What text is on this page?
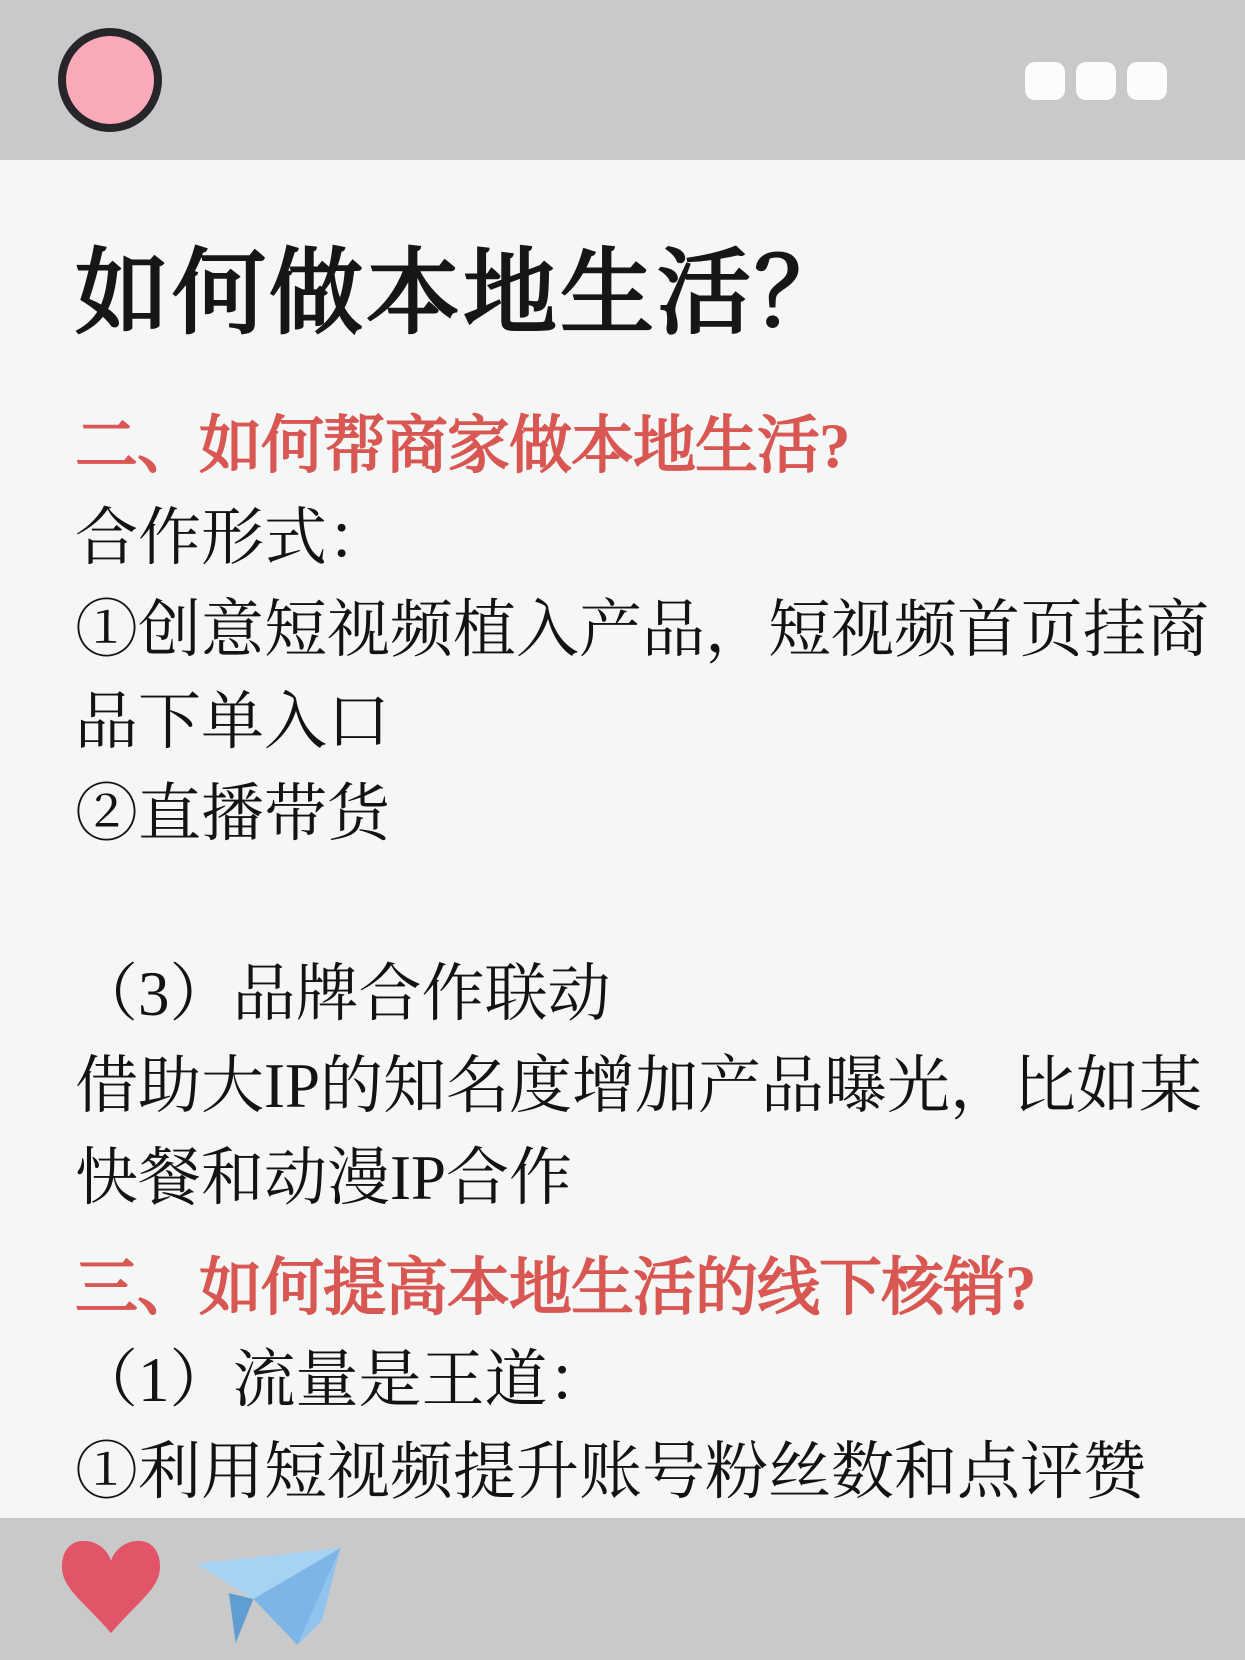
如何做本地生活？
二、如何帮商家做本地生活?
合作形式：
①创意短视频植入产品，短视频首页挂商
品下单入口
②直播带货
（3）品牌合作联动
借助大IP的知名度增加产品曝光，比如某
快餐和动漫IP合作
三、如何提高本地生活的线下核销?
（1）流量是王道：
①利用短视频提升账号粉丝数和点评赞
